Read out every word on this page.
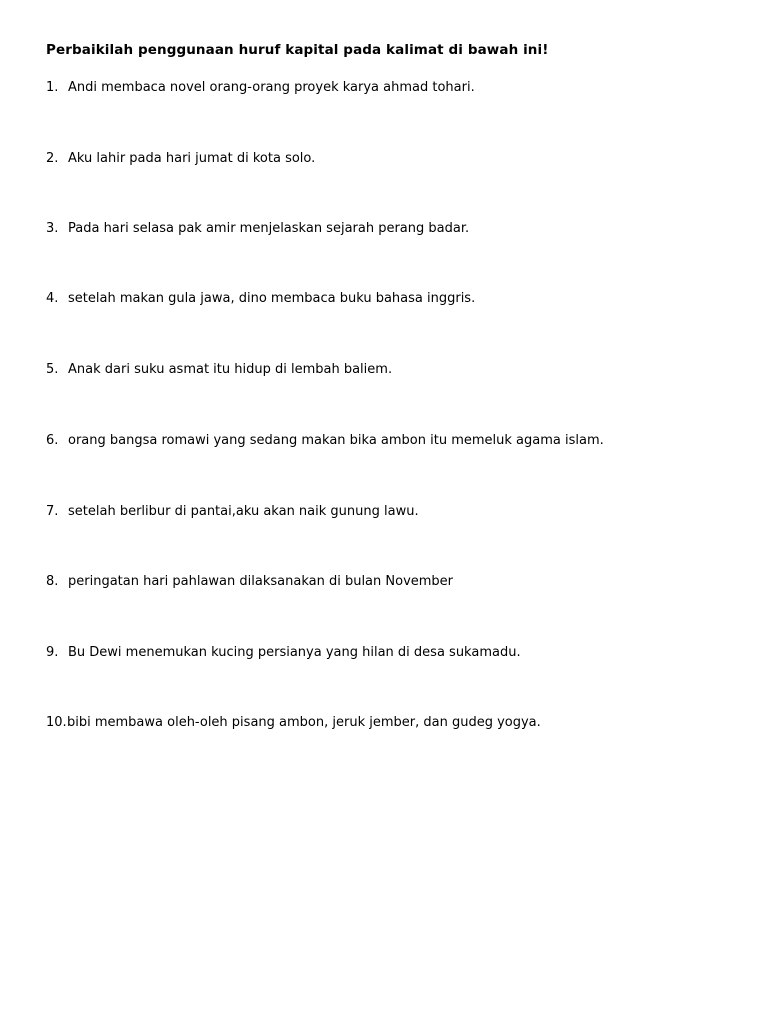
Perbaikilah penggunaan huruf kapital pada kalimat di bawah ini!
1. Andi membaca novel orang-orang proyek karya ahmad tohari.
2. Aku lahir pada hari jumat di kota solo.
3. Pada hari selasa pak amir menjelaskan sejarah perang badar.
4. setelah makan gula jawa, dino membaca buku bahasa inggris.
5. Anak dari suku asmat itu hidup di lembah baliem.
6. orang bangsa romawi yang sedang makan bika ambon itu memeluk agama islam.
7. setelah berlibur di pantai,aku akan naik gunung lawu.
8. peringatan hari pahlawan dilaksanakan di bulan November
9. Bu Dewi menemukan kucing persianya yang hilan di desa sukamadu.
10.bibi membawa oleh-oleh pisang ambon, jeruk jember, dan gudeg yogya.
